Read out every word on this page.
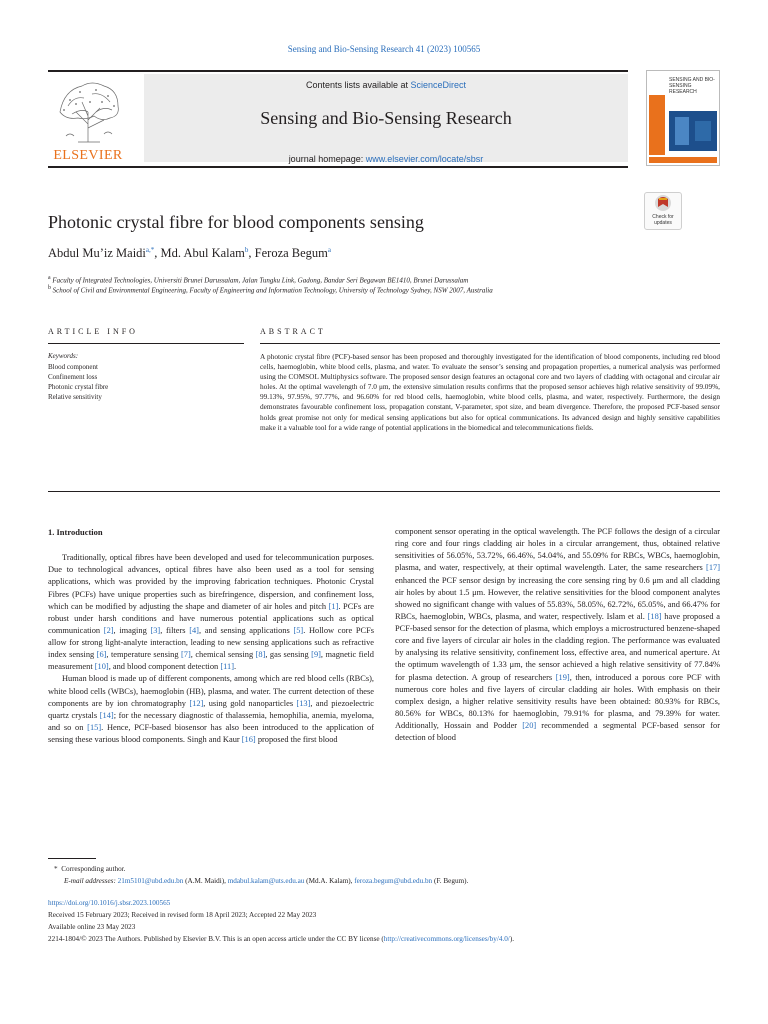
Sensing and Bio-Sensing Research 41 (2023) 100565
ELSEVIER
Contents lists available at ScienceDirect
Sensing and Bio-Sensing Research
journal homepage: www.elsevier.com/locate/sbsr
SENSING AND BIO-SENSING RESEARCH
Check for updates
Photonic crystal fibre for blood components sensing
Abdul Mu’iz Maidi$^{a,*}$, Md. Abul Kalam$^b$, Feroza Begum$^a$
$^a$ Faculty of Integrated Technologies, Universiti Brunei Darussalam, Jalan Tungku Link, Gadong, Bandar Seri Begawan BE1410, Brunei Darussalam
$^b$ School of Civil and Environmental Engineering, Faculty of Engineering and Information Technology, University of Technology Sydney, NSW 2007, Australia
ARTICLE INFO	ABSTRACT
Keywords:
Blood component
Confinement loss
Photonic crystal fibre
Relative sensitivity
A photonic crystal fibre (PCF)-based sensor has been proposed and thoroughly investigated for the identification of blood components, including red blood cells, haemoglobin, white blood cells, plasma, and water. To evaluate the sensor’s sensing and propagation properties, a numerical analysis was performed using the COMSOL Multiphysics software. The proposed sensor design features an octagonal core and two layers of cladding with octagonal and circular air holes. At the optimal wavelength of 7.0 μm, the extensive simulation results confirms that the proposed sensor achieves high relative sensitivity of 99.09%, 99.13%, 97.95%, 97.77%, and 96.60% for red blood cells, haemoglobin, white blood cells, plasma, and water, respectively. Furthermore, the design demonstrates favourable confinement loss, propagation constant, V-parameter, spot size, and beam divergence. Therefore, the proposed PCF-based sensor holds great promise not only for medical sensing applications but also for optical communications. Its advanced design and highly sensitive capabilities make it a valuable tool for a wide range of potential applications in the biomedical and telecommunications fields.
1. Introduction

Traditionally, optical fibres have been developed and used for telecommunication purposes. Due to technological advances, optical fibres have also been used as a tool for sensing applications, which was provided by the improving fabrication techniques. Photonic Crystal Fibres (PCFs) have unique properties such as birefringence, dispersion, and confinement loss, which can be modified by adjusting the shape and diameter of air holes and pitch [1]. PCFs are robust under harsh conditions and have numerous potential applications such as optical communication [2], imaging [3], filters [4], and sensing applications [5]. Hollow core PCFs allow for strong light-analyte interaction, leading to new sensing applications such as refractive index sensing [6], temperature sensing [7], chemical sensing [8], gas sensing [9], magnetic field measurement [10], and blood component detection [11].

Human blood is made up of different components, among which are red blood cells (RBCs), white blood cells (WBCs), haemoglobin (HB), plasma, and water. The current detection of these components are by ion chromatography [12], using gold nanoparticles [13], and piezoelectric quartz crystals [14]; for the necessary diagnostic of thalassemia, hemophilia, anemia, myeloma, and so on [15]. Hence, PCF-based biosensor has also been introduced to the application of sensing these various blood components. Singh and Kaur [16] proposed the first blood

component sensor operating in the optical wavelength. The PCF follows the design of a circular ring core and four rings cladding air holes in a circular arrangement, thus, obtained relative sensitivities of 56.05%, 53.72%, 66.46%, 54.04%, and 55.09% for RBCs, WBCs, haemoglobin, plasma, and water, respectively, at their optimal wavelength. Later, the same researchers [17] enhanced the PCF sensor design by increasing the core sensing ring by 0.6 μm and all cladding air holes by about 1.5 μm. However, the relative sensitivities for the blood component analytes showed no significant change with values of 55.83%, 58.05%, 62.72%, 65.05%, and 66.47% for RBCs, haemoglobin, WBCs, plasma, and water, respectively. Islam et al. [18] have proposed a PCF-based sensor for the detection of plasma, which employs a microstructured benzene-shaped core and five layers of circular air holes in the cladding region. The performance was evaluated by analysing its relative sensitivity, confinement loss, effective area, and numerical aperture. At the optimum wavelength of 1.33 μm, the sensor achieved a high relative sensitivity of 77.84% for plasma detection. A group of researchers [19], then, introduced a porous core PCF with numerous core holes and five layers of circular cladding air holes. With emphasis on their complex design, a higher relative sensitivity results have been obtained: 80.93% for RBCs, 80.56% for WBCs, 80.13% for haemoglobin, 79.91% for plasma, and 79.39% for water. Additionally, Hossain and Podder [20] recommended a segmental PCF-based sensor for detection of blood

* Corresponding author.
E-mail addresses: 21m5101@ubd.edu.bn (A.M. Maidi), mdabul.kalam@uts.edu.au (Md.A. Kalam), feroza.begum@ubd.edu.bn (F. Begum).
https://doi.org/10.1016/j.sbsr.2023.100565
Received 15 February 2023; Received in revised form 18 April 2023; Accepted 22 May 2023
Available online 23 May 2023
2214-1804/© 2023 The Authors. Published by Elsevier B.V. This is an open access article under the CC BY license (http://creativecommons.org/licenses/by/4.0/).
